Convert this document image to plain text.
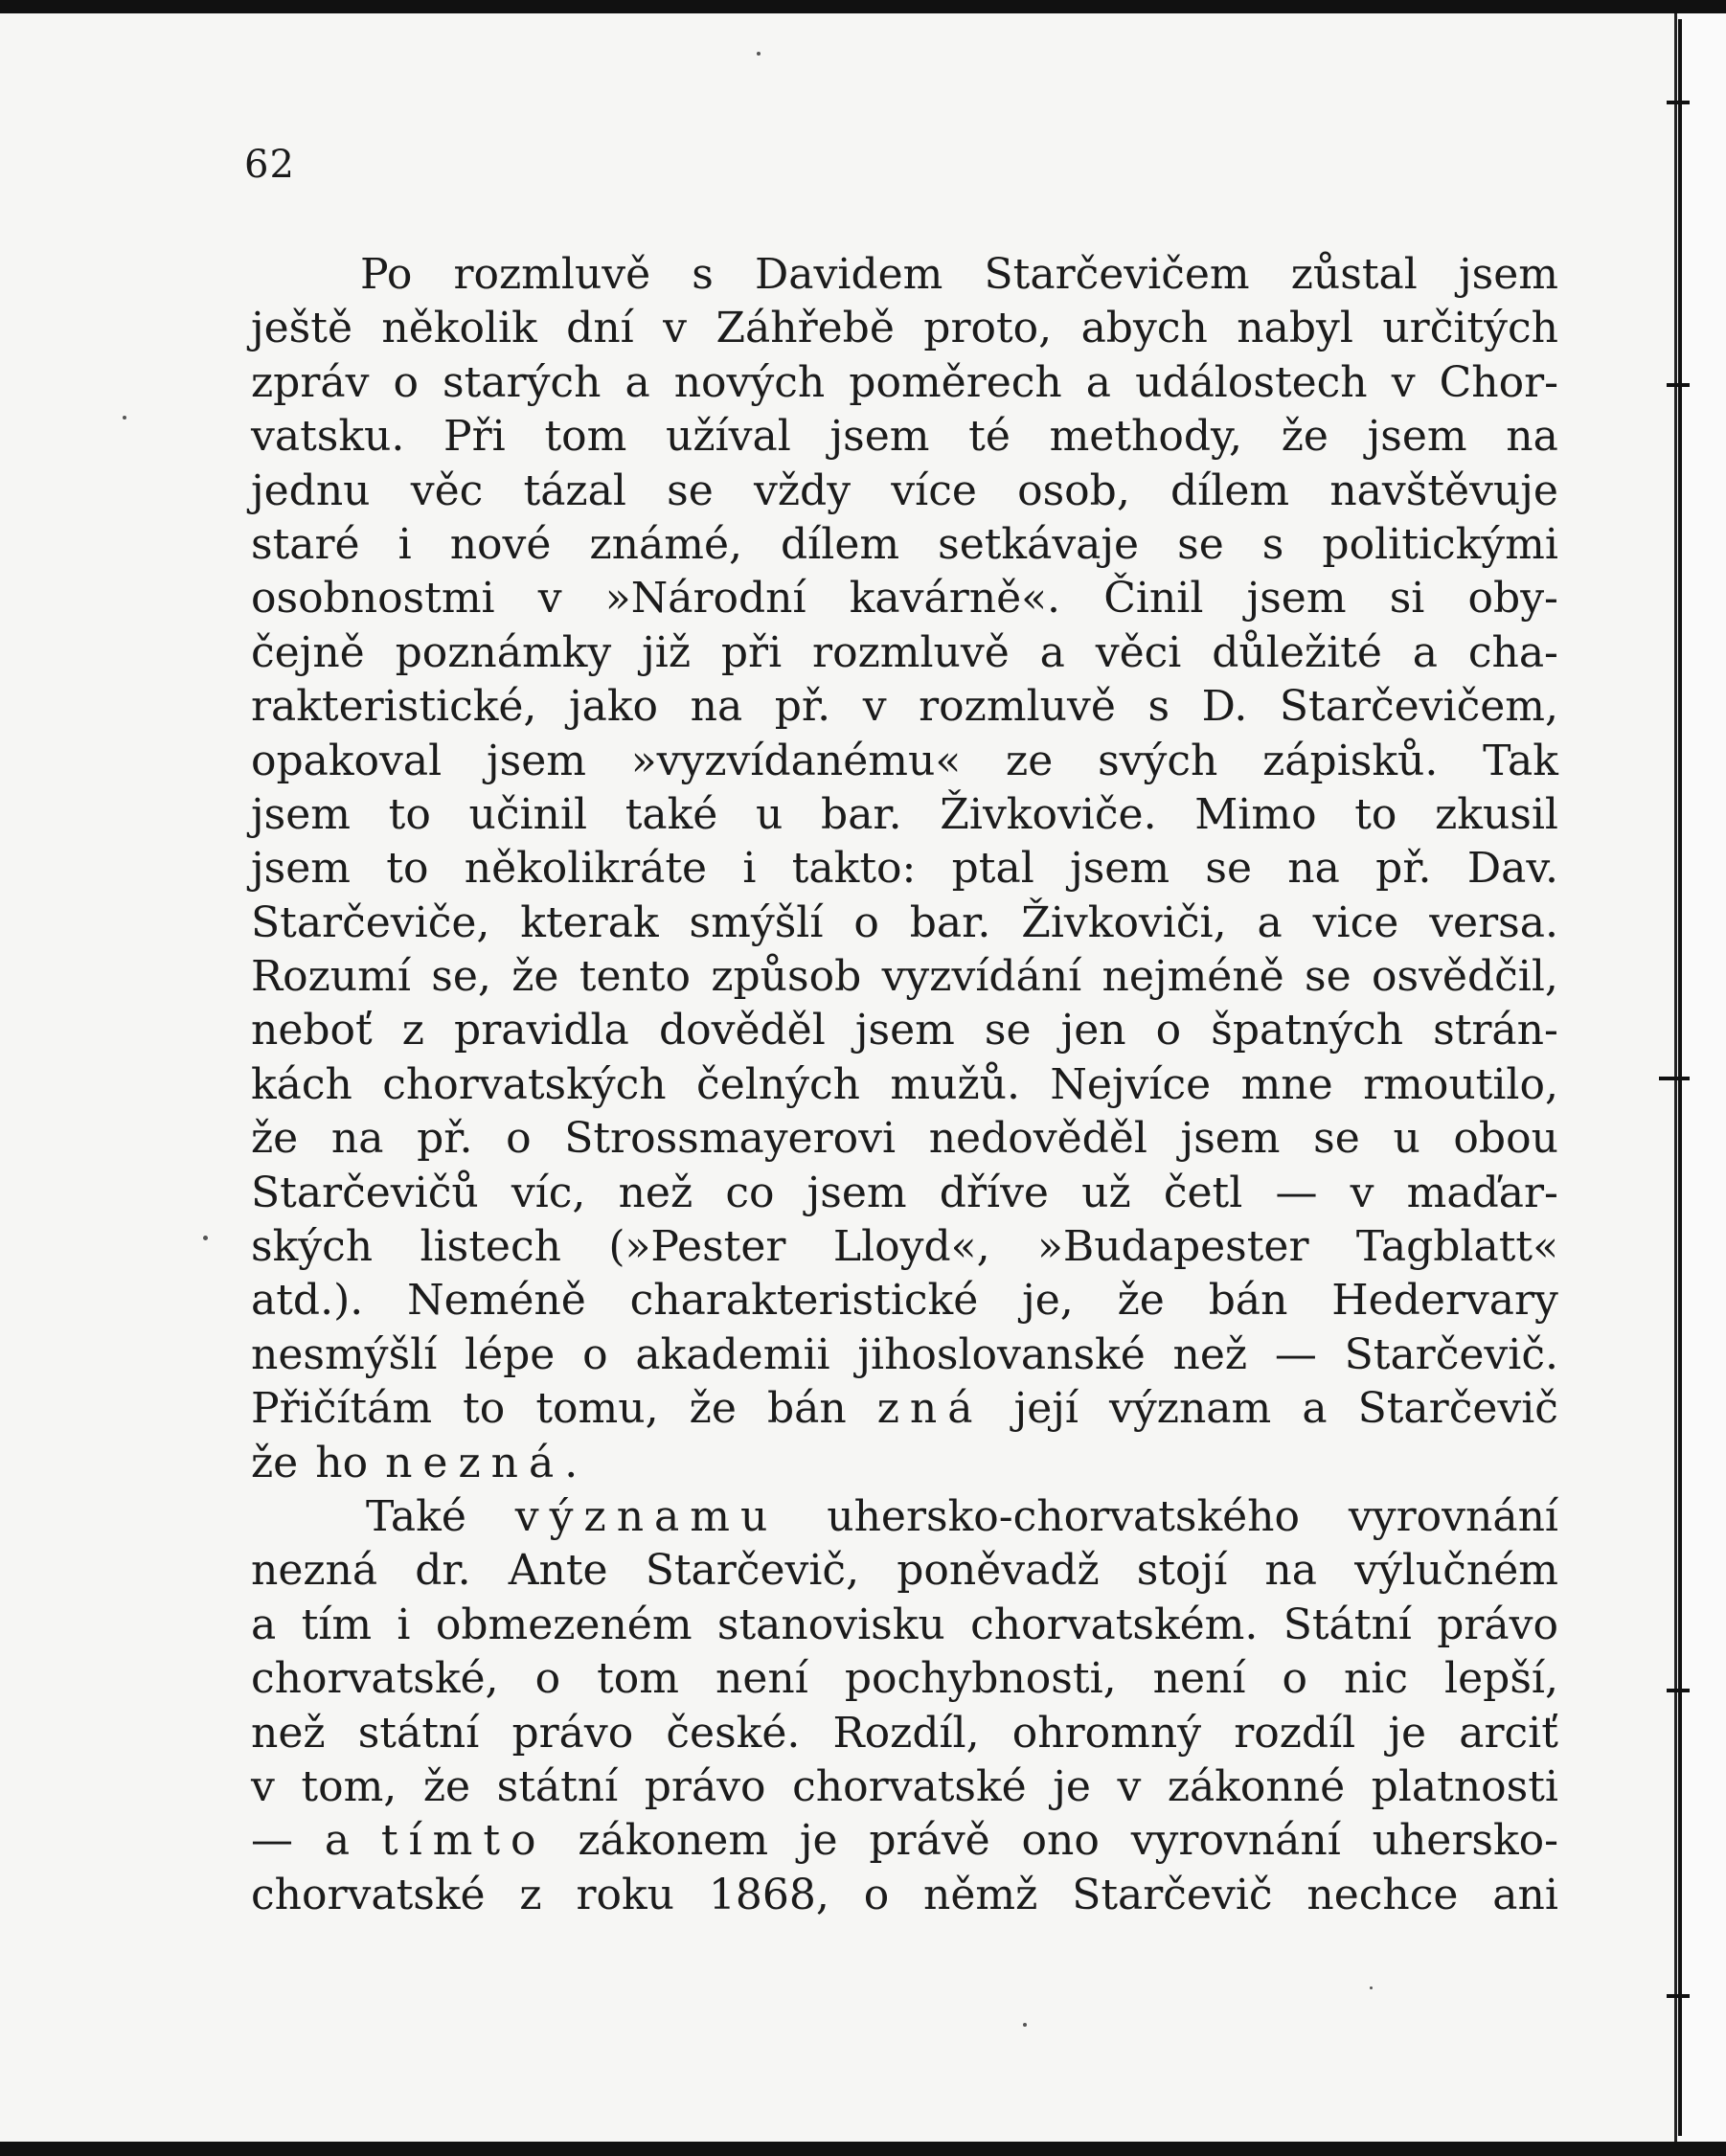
62
Po rozmluvě s Davidem Starčevičem zůstal jsem
ještě několik dní v Záhřebě proto, abych nabyl určitých
zpráv o starých a nových poměrech a událostech v Chor-
vatsku. Při tom užíval jsem té methody, že jsem na
jednu věc tázal se vždy více osob, dílem navštěvuje
staré i nové známé, dílem setkávaje se s politickými
osobnostmi v »Národní kavárně«. Činil jsem si oby-
čejně poznámky již při rozmluvě a věci důležité a cha-
rakteristické, jako na př. v rozmluvě s D. Starčevičem,
opakoval jsem »vyzvídanému« ze svých zápisků. Tak
jsem to učinil také u bar. Živkoviče. Mimo to zkusil
jsem to několikráte i takto: ptal jsem se na př. Dav.
Starčeviče, kterak smýšlí o bar. Živkoviči, a vice versa.
Rozumí se, že tento způsob vyzvídání nejméně se osvědčil,
neboť z pravidla dověděl jsem se jen o špatných strán-
kách chorvatských čelných mužů. Nejvíce mne rmoutilo,
že na př. o Strossmayerovi nedověděl jsem se u obou
Starčevičů víc, než co jsem dříve už četl — v maďar-
ských listech (»Pester Lloyd«, »Budapester Tagblatt«
atd.). Neméně charakteristické je, že bán Hedervary
nesmýšlí lépe o akademii jihoslovanské než — Starčevič.
Přičítám to tomu, že bán zná její význam a Starčevič
že ho nezná.
Také významu uhersko-chorvatského vyrovnání
nezná dr. Ante Starčevič, poněvadž stojí na výlučném
a tím i obmezeném stanovisku chorvatském. Státní právo
chorvatské, o tom není pochybnosti, není o nic lepší,
než státní právo české. Rozdíl, ohromný rozdíl je arciť
v tom, že státní právo chorvatské je v zákonné platnosti
— a tímto zákonem je právě ono vyrovnání uhersko-
chorvatské z roku 1868, o němž Starčevič nechce ani
